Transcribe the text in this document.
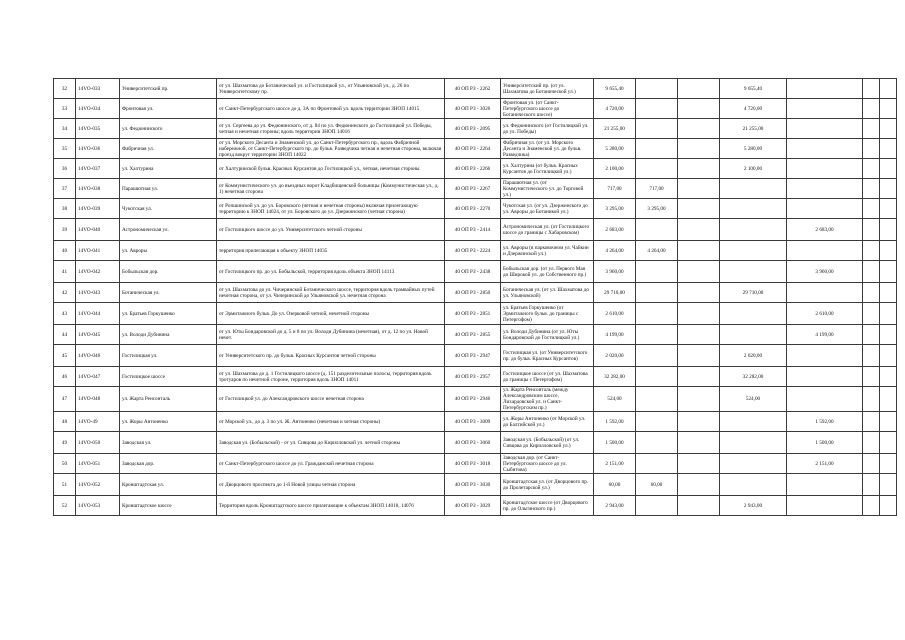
32	14VO-033	Университетский пр.	от ул. Шахматова до Ботанической ул. и Гостилицкой ул., от Ульяновской ул., д. 26 по Университетскому пр.	40 ОП РЗ - 2262	Университетский пр. (от ул. Шахматова до Ботанической ул.)	9 655,40			9 655,40			
33	14VO-034	Фронтовая ул.	от Санкт-Петербургского шоссе до д. 3А по Фронтовой ул. вдоль территории ЗНОП 14015	40 ОП РЗ - 3026	Фронтовая ул. (от Санкт-Петербургского шоссе до Ботанического шоссе)	4 720,00			4 720,00			
34	14VO-035	ул. Федюнинского	от ул. Сергеева до ул. Федюнинского, от д. 84 по ул. Федюнинского до Гостилицкой ул. Победы, четная и нечетная стороны; вдоль территории ЗНОП 14016	40 ОП РЗ - 2095	ул. Федюнинского (от Гостилицкой ул. до ул. Победы)	21 255,00			21 255,00			
35	14VO-036	Фабричная ул.	от ул. Морского Десанта и Знаменской ул. до Санкт-Петербургского пр., вдоль Фабричной набережной, от Санкт-Петербургского пр. до бульв. Разведчика четная и нечетная стороны, включая проезд вокруг территории ЗНОП 14022	40 ОП РЗ - 2264	Фабричная ул. (от ул. Морского Десанта и Знаменской ул. до бульв. Разведчика)	5 280,00			5 280,00			
36	14VO-037	ул. Халтурина	от Халтуринской бульв. Красных Курсантов до Гостилицкой ул., четная, нечетная стороны	40 ОП РЗ - 2266	ул. Халтурина (от бульв. Красных Курсантов до Гостилицкой ул.)	2 100,00			2 100,00			
37	14VO-038	Парашютная ул.	от Коммунистического ул. до въездных ворот Кладбищенской больницы (Коммунистическая ул., д. 1) нечетная сторона	40 ОП РЗ - 2267	Парашютная ул. (от Коммунистического ул. до Торговой ул.)	717,00	717,00					
38	14VO-039	Чукотская ул.	от Ропшинской ул. до ул. Боровского (четная и нечетная стороны) включая прилегающую территорию к ЗНОП 14024, от ул. Боровского до ул. Дзержинского (четная сторона)	40 ОП РЗ - 2270	Чукотская ул. (от ул. Дзержинского до ул. Авроры до Ботаникой ул.)	3 295,00	3 295,00					
39	14VO-040	Астрономическая ул.	от Гостилицкого шоссе до ул. Университетского четной стороны	40 ОП РЗ - 2414	Астрономическая ул. (от Гостилицкого шоссе до границы с Хабаровском)	2 683,00				2 683,00		
40	14VO-041	ул. Авроры	территория прилегающая к объекту ЗНОП 14035	40 ОП РЗ - 2224	ул. Авроры (в парковочном ул. Чайкин и Дзержинской ул.)	4 264,00	4 264,00					
41	14VO-042	Бобыльская дор.	от Гостилицкого пр. до ул. Бобыльской, территория вдоль объекта ЗНОП 14113	40 ОП РЗ - 2438	Бобыльская дор. (от ул. Первого Мая до Широкой ул. до Собственного пр.)	3 960,00				3 960,00		
42	14VO-043	Ботаническая ул.	от ул. Шахматова до ул. Чичеринской Ботанического шоссе, территория вдоль трамвайных путей нечетная сторона, от ул. Чичеринской до Ульяновской ул. нечетная сторона	40 ОП РЗ - 2850	Ботаническая ул. (от ул. Шахматова до ул. Ульяновской)	29 710,00			29 710,00			
43	14VO-044	ул. Братьев Горкушенко	от Эрмитажного бульв. До ул. Озерковой четной, нечетной стороны	40 ОП РЗ - 2851	ул. Братьев Горкушенко (от Эрмитажного бульв. до границы с Петергофом)	2 610,00				2 610,00		
44	14VO-045	ул. Володи Дубинина	от ул. Юты Бондаровской до д. 5 и 8 по ул. Володи Дубинина (нечетная), от д. 12 по ул. Новой нечет.	40 ОП РЗ - 2855	ул. Володи Дубинина (от ул. Юты Бондаровской до Гостилицкой ул.)	4 199,00				4 199,00		
45	14VO-046	Гостилицкая ул.	от Университетского пр. до бульв. Красных Курсантов четной стороны	40 ОП РЗ - 2947	Гостилицкая ул. (от Университетского пр. до бульв. Красных Курсантов)	2 020,00			2 020,00			
46	14VO-047	Гостилицкое шоссе	от ул. Шахматова до д. 1 Гостилицкого шоссе (д. 151 разделительные полосы, территория вдоль тротуаров по нечетной стороне, территория вдоль ЗНОП 14011	40 ОП РЗ - 2957	Гостилицкое шоссе (от ул. Шахматова до границы с Петергофом)	32 282,00			32 282,00			
47	14VO-048	ул. Жарта Ренсонталь	от Гостилицкой ул. до Александровского шоссе нечетная сторона	40 ОП РЗ - 2946	ул. Жарта Ренсонталь (между Александровским шоссе, Лихардовской ул. и Санкт-Петербургским пр.)	524,00			524,00			
48	14VO-49	ул. Жоры Антоненко	от Морской ул., до д. 3 по ул. Ж. Антоненко (нечетная и четная стороны)	40 ОП РЗ - 3009	ул. Жоры Антоненко (от Морской ул. до Балтийской ул.)	1 592,00				1 592,00		
49	14VO-050	Заводская ул.	Заводская ул. (Бобыльской) - от ул. Сивцова до Кирилловской ул. четной стороны	40 ОП РЗ - 3060	Заводская ул. (Бобыльской) (от ул. Сивцова до Кирилловской ул.)	1 500,00				1 500,00		
50	14VO-051	Заводская дор.	от Санкт-Петербургского шоссе до ул. Гражданской нечетная сторона	40 ОП РЗ - 3018	Заводская дор. (от Санкт-Петербургского шоссе до ул. Сыбитова)	2 151,00				2 151,00		
51	14VO-052	Кронштадтская ул.	от Дворцового проспекта до 1-й Новой улицы четная сторона	40 ОП РЗ - 3030	Кронштадтская ул. (от Дворцового пр. до Пролетарской ул.)	60,00	60,00					
52	14VO-053	Кронштадтское шоссе	Территория вдоль Кронштадтского шоссе прилегающие к объектам ЗНОП 14018, 14076	40 ОП РЗ - 3029	Кронштадтское шоссе (от Дворцового пр. до Ольгинского пр.)	2 943,00			2 943,00			
